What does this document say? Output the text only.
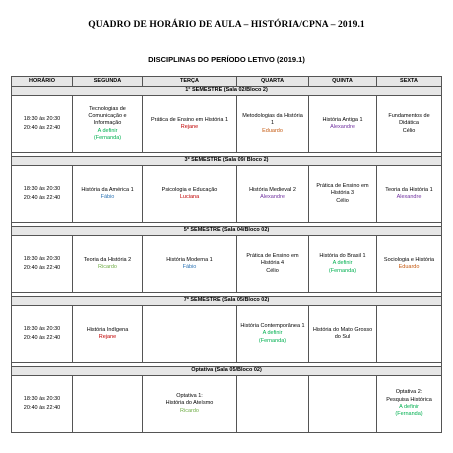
QUADRO DE HORÁRIO DE AULA – HISTÓRIA/CPNA – 2019.1
DISCIPLINAS DO PERÍODO LETIVO (2019.1)
HORÁRIO	SEGUNDA	TERÇA	QUARTA	QUINTA	SEXTA
1° SEMESTRE (Sala 02/Bloco 2)					

18:30 às 20:30
20:40 às 22:40	Tecnologias de
Comunicação e
Informação
A definir
(Fernanda)	Prática de Ensino em História 1
Rejane	Metodologias da História
1
Eduardo	História Antiga 1
Alexandre	Fundamentos de Didática
Célio

3º SEMESTRE (Sala 09/ Bloco 2)					

18:30 às 20:30
20:40 às 22:40	História da América 1
Fábio	Psicologia e Educação
Luciana	História Medieval 2
Alexandre	Prática de Ensino em
História 3
Célio	Teoria da História 1
Alexandre

5º SEMESTRE (Sala 04/Bloco 02)					

18:30 às 20:30
20:40 às 22:40	Teoria da História 2
Ricardo	História Moderna 1
Fábio	Prática de Ensino em
História 4
Célio	História do Brasil 1
A definir
(Fernanda)	Sociologia e História
Eduardo

7º SEMESTRE (Sala 05/Bloco 02)					

18:30 às 20:30
20:40 às 22:40	História Indígena
Rejane		História Contemporânea 1
A definir
(Fernanda)	História do Mato Grosso
do Sul	

Optativa (Sala 05/Bloco 02)					

18:30 às 20:30
20:40 às 22:40		Optativa 1:
História do Ateísmo
Ricardo			Optativa 2:
Pesquisa Histórica
A definir
(Fernanda)
